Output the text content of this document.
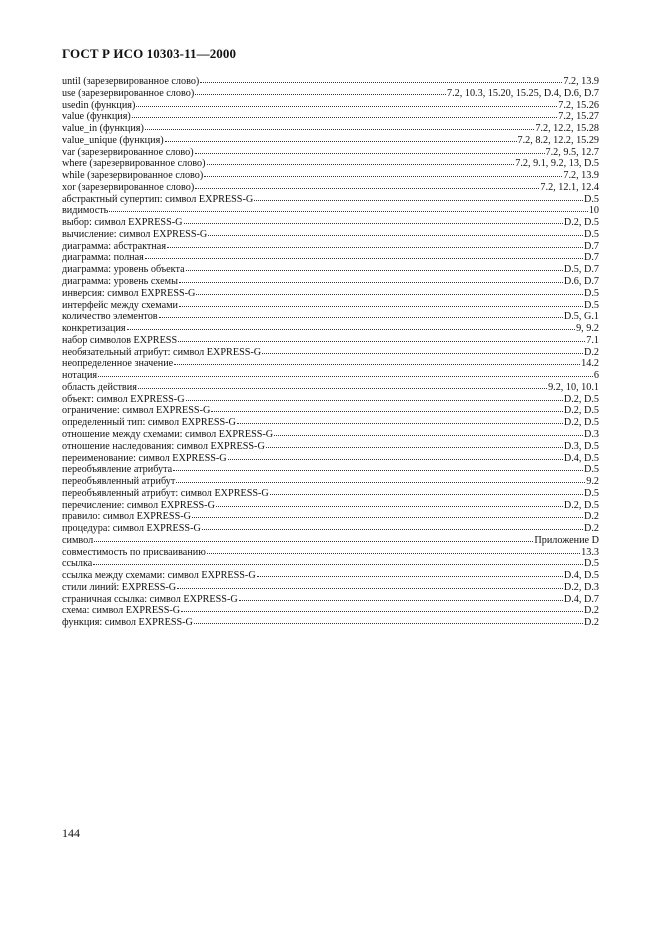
ГОСТ Р ИСО 10303-11—2000
until (зарезервированное слово)	7.2, 13.9
use (зарезервированное слово)	7.2, 10.3, 15.20, 15.25, D.4, D.6, D.7
usedin (функция)	7.2, 15.26
value (функция)	7.2, 15.27
value_in (функция)	7.2, 12.2, 15.28
value_unique (функция)	7.2, 8.2, 12.2, 15.29
var (зарезервированное слово)	7.2, 9.5, 12.7
where (зарезервированное слово)	7.2, 9.1, 9.2, 13, D.5
while (зарезервированное слово)	7.2, 13.9
xor (зарезервированное слово)	7.2, 12.1, 12.4
абстрактный супертип: символ EXPRESS-G	D.5
видимость	10
выбор: символ EXPRESS-G	D.2, D.5
вычисление: символ EXPRESS-G	D.5
диаграмма: абстрактная	D.7
диаграмма: полная	D.7
диаграмма: уровень объекта	D.5, D.7
диаграмма: уровень схемы	D.6, D.7
инверсия: символ EXPRESS-G	D.5
интерфейс между схемами	D.5
количество элементов	D.5, G.1
конкретизация	9, 9.2
набор символов EXPRESS	7.1
необязательный атрибут: символ EXPRESS-G	D.2
неопределенное значение	14.2
нотация	6
область действия	9.2, 10, 10.1
объект: символ EXPRESS-G	D.2, D.5
ограничение: символ EXPRESS-G	D.2, D.5
определенный тип: символ EXPRESS-G	D.2, D.5
отношение между схемами: символ EXPRESS-G	D.3
отношение наследования: символ EXPRESS-G	D.3, D.5
переименование: символ EXPRESS-G	D.4, D.5
переобъявление атрибута	D.5
переобъявленный атрибут	9.2
переобъявленный атрибут: символ EXPRESS-G	D.5
перечисление: символ EXPRESS-G	D.2, D.5
правило: символ EXPRESS-G	D.2
процедура: символ EXPRESS-G	D.2
символ	Приложение D
совместимость по присваиванию	13.3
ссылка	D.5
ссылка между схемами: символ EXPRESS-G	D.4, D.5
стили линий: EXPRESS-G	D.2, D.3
страничная ссылка: символ EXPRESS-G	D.4, D.7
схема: символ EXPRESS-G	D.2
функция: символ EXPRESS-G	D.2
144
